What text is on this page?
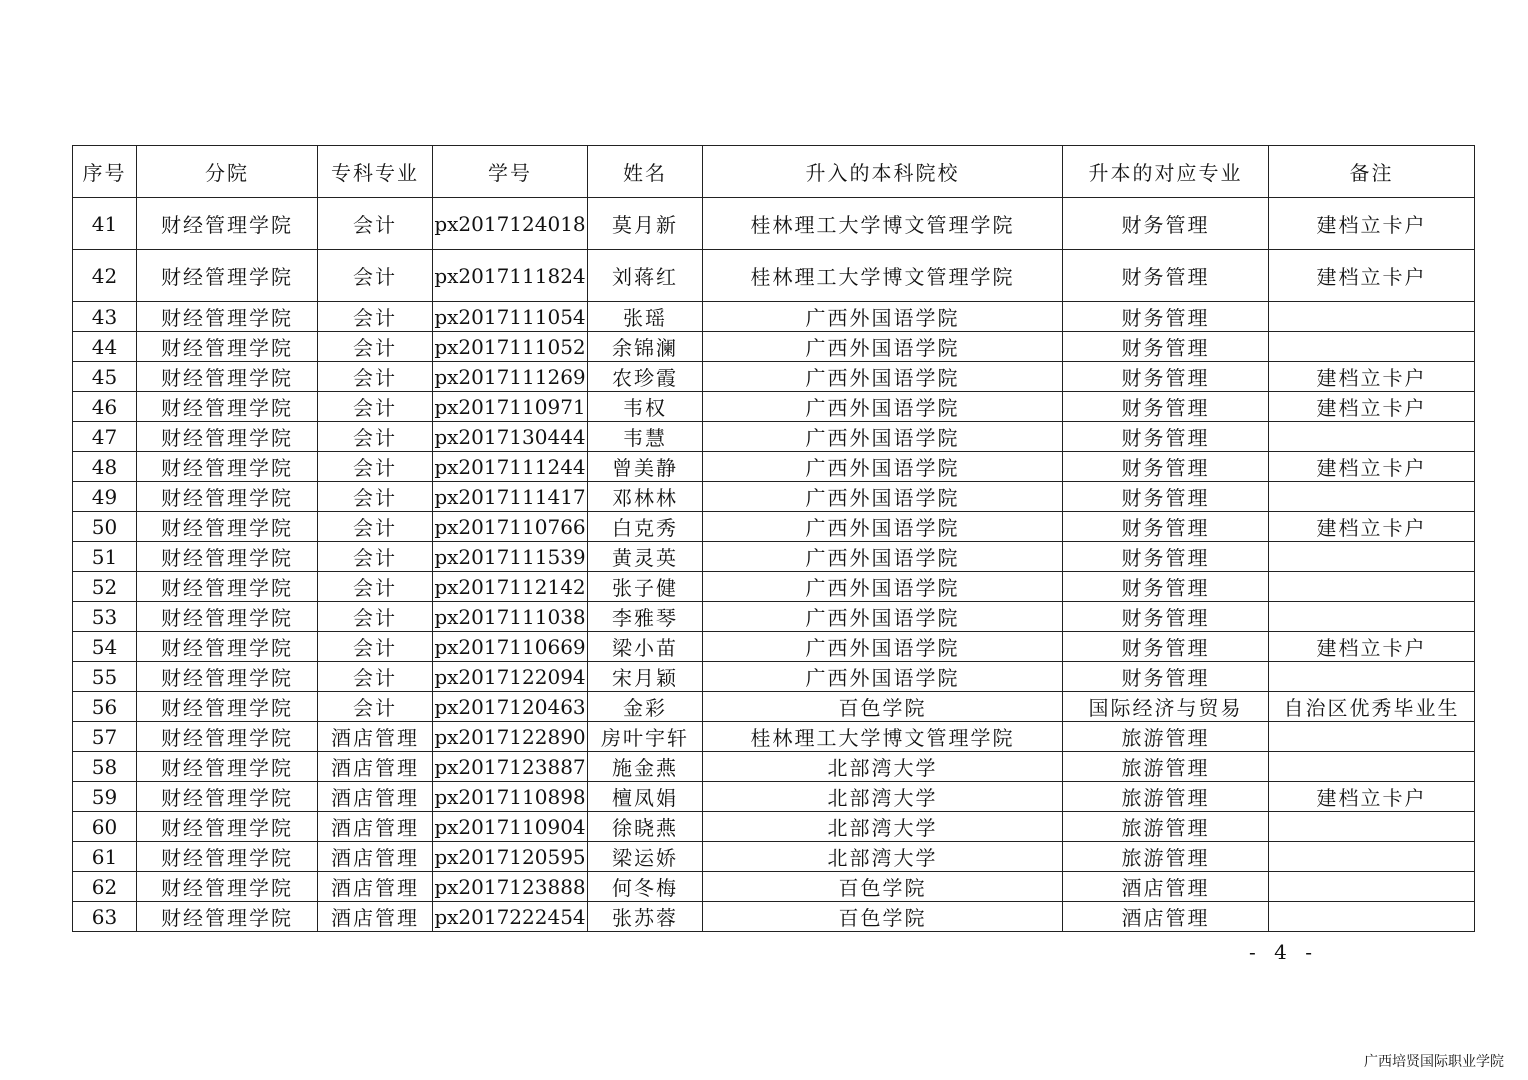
序号	分院	专科专业	学号	姓名	升入的本科院校	升本的对应专业	备注
41	财经管理学院	会计	px2017124018	莫月新	桂林理工大学博文管理学院	财务管理	建档立卡户
42	财经管理学院	会计	px2017111824	刘蒋红	桂林理工大学博文管理学院	财务管理	建档立卡户
43	财经管理学院	会计	px2017111054	张瑶	广西外国语学院	财务管理	
44	财经管理学院	会计	px2017111052	余锦澜	广西外国语学院	财务管理	
45	财经管理学院	会计	px2017111269	农珍霞	广西外国语学院	财务管理	建档立卡户
46	财经管理学院	会计	px2017110971	韦权	广西外国语学院	财务管理	建档立卡户
47	财经管理学院	会计	px2017130444	韦慧	广西外国语学院	财务管理	
48	财经管理学院	会计	px2017111244	曾美静	广西外国语学院	财务管理	建档立卡户
49	财经管理学院	会计	px2017111417	邓林林	广西外国语学院	财务管理	
50	财经管理学院	会计	px2017110766	白克秀	广西外国语学院	财务管理	建档立卡户
51	财经管理学院	会计	px2017111539	黄灵英	广西外国语学院	财务管理	
52	财经管理学院	会计	px2017112142	张子健	广西外国语学院	财务管理	
53	财经管理学院	会计	px2017111038	李雅琴	广西外国语学院	财务管理	
54	财经管理学院	会计	px2017110669	梁小苗	广西外国语学院	财务管理	建档立卡户
55	财经管理学院	会计	px2017122094	宋月颖	广西外国语学院	财务管理	
56	财经管理学院	会计	px2017120463	金彩	百色学院	国际经济与贸易	自治区优秀毕业生
57	财经管理学院	酒店管理	px2017122890	房叶宇轩	桂林理工大学博文管理学院	旅游管理	
58	财经管理学院	酒店管理	px2017123887	施金燕	北部湾大学	旅游管理	
59	财经管理学院	酒店管理	px2017110898	檀凤娟	北部湾大学	旅游管理	建档立卡户
60	财经管理学院	酒店管理	px2017110904	徐晓燕	北部湾大学	旅游管理	
61	财经管理学院	酒店管理	px2017120595	梁运娇	北部湾大学	旅游管理	
62	财经管理学院	酒店管理	px2017123888	何冬梅	百色学院	酒店管理	
63	财经管理学院	酒店管理	px2017222454	张苏蓉	百色学院	酒店管理	
- 4 -
广西培贤国际职业学院
